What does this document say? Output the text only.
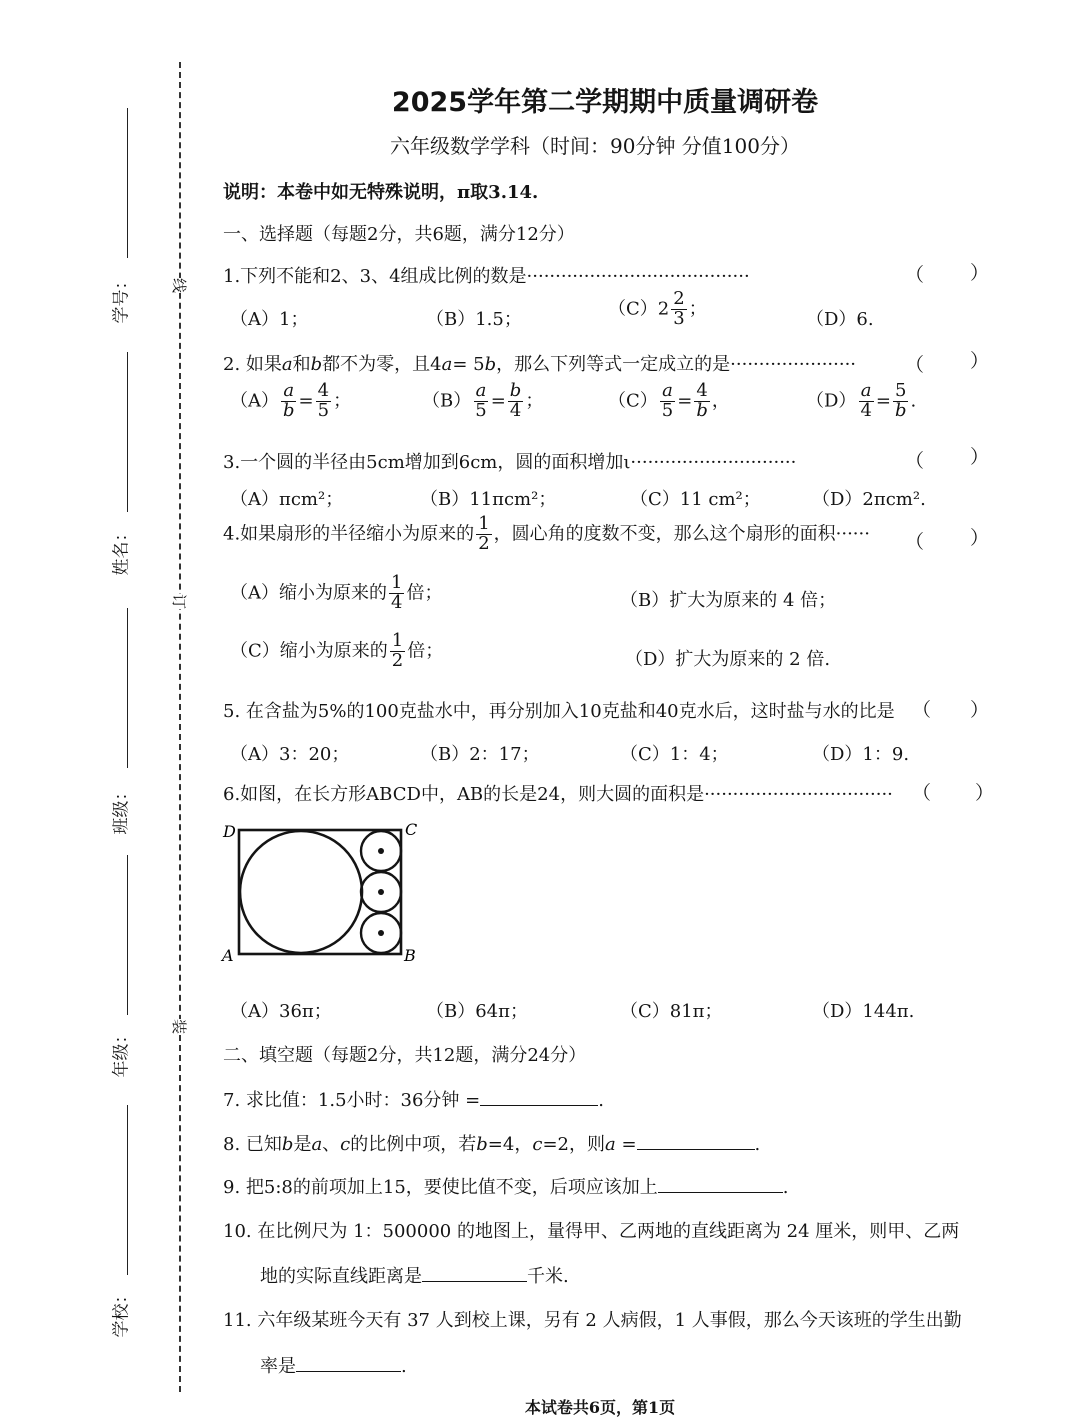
学号：
姓名：
班级：
年级：
学校：
线
订
装
2025学年第二学期期中质量调研卷
六年级数学学科（时间：90分钟 分值100分）
说明：本卷中如无特殊说明，π取3.14.
一、选择题（每题2分，共6题，满分12分）
1.下列不能和2、3、4组成比例的数是·······································	（ ）
（A）1；	（B）1.5；
$(C)2 \frac{2}{3}$ ；
（D）6.
2. 如果a和b都不为零，且4a= 5b，那么下列等式一定成立的是······················	（ ）
$(A) \frac{a}{b} = \frac{4}{5}$ ；	$(B) \frac{a}{5} = \frac{b}{4}$ ；	$(C) \frac{a}{5} = \frac{4}{b}$ ，	$(D) \frac{a}{4} = \frac{5}{b}$ .
3.一个圆的半径由5cm增加到6cm，圆的面积增加ι·····························	（ ）
（A）πcm²；	（B）11πcm²；	（C）11 cm²；	（D）2πcm².
4.如果扇形的半径缩小为原来的 $\frac{1}{2}$ ，圆心角的度数不变，那么这个扇形的面积······ （ ）
（A）缩小为原来的 $\frac{1}{4}$ 倍；	（B）扩大为原来的 4 倍；
（C）缩小为原来的 $\frac{1}{2}$ 倍；	（D）扩大为原来的 2 倍.
5. 在含盐为5%的100克盐水中，再分别加入10克盐和40克水后，这时盐与水的比是 （ ）
（A）3：20；	（B）2：17；	（C）1：4；	（D）1：9.
6.如图，在长方形ABCD中，AB的长是24，则大圆的面积是·································	（ ）
D	C
A	B
（A）36π；	（B）64π；	（C）81π；	（D）144π.
二、填空题（每题2分，共12题，满分24分）
7. 求比值：1.5小时：36分钟 =	.
8. 已知b是a、c的比例中项，若b=4，c=2，则a =	.
9. 把5:8的前项加上15，要使比值不变，后项应该加上	.
10. 在比例尺为 1：500000 的地图上，量得甲、乙两地的直线距离为 24 厘米，则甲、乙两
地的实际直线距离是	千米.
11. 六年级某班今天有 37 人到校上课，另有 2 人病假，1 人事假，那么今天该班的学生出勤
率是	.
本试卷共6页，第1页
